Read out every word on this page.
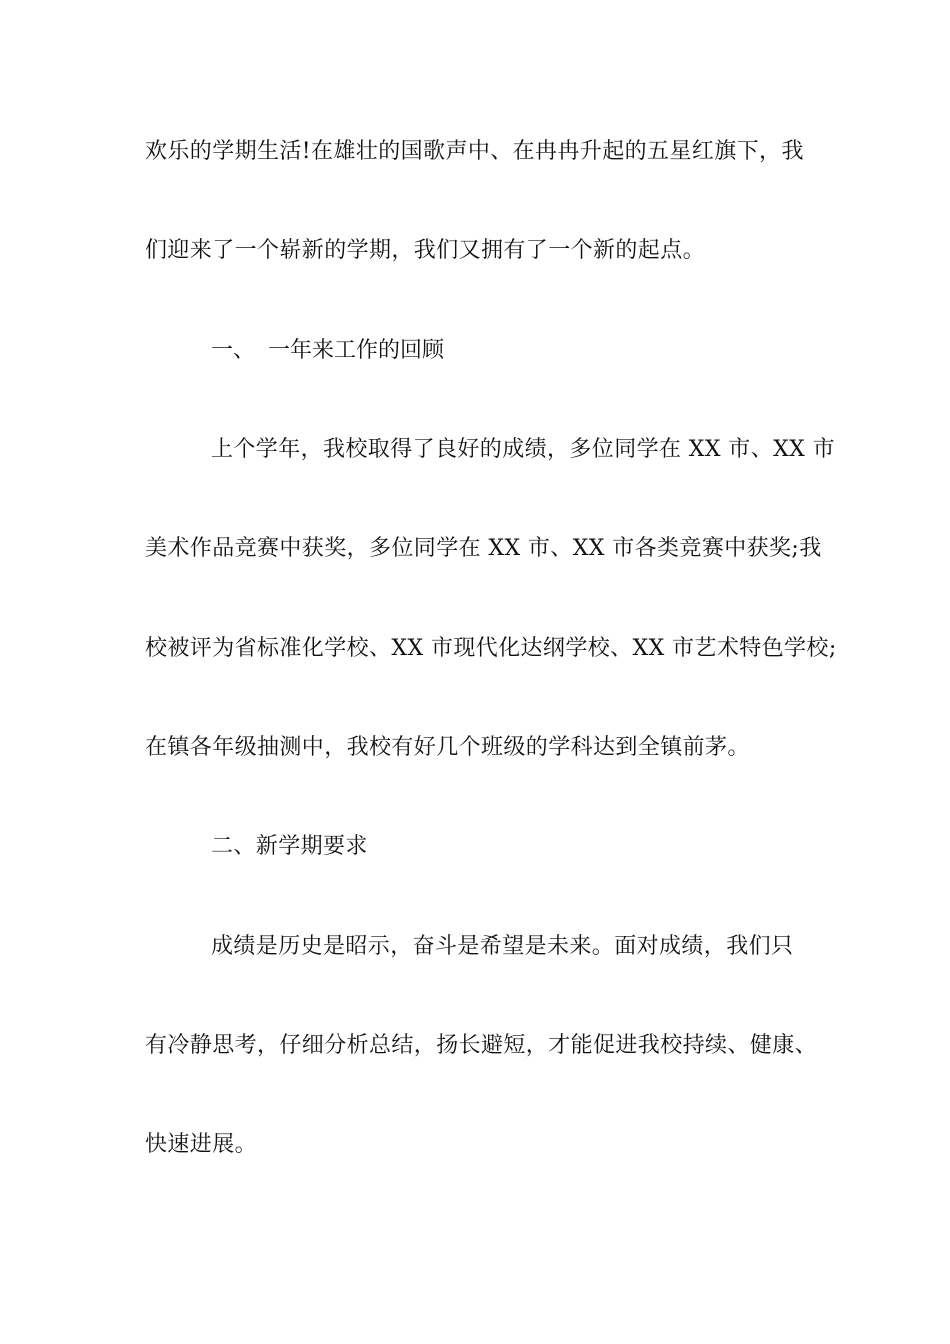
欢乐的学期生活!在雄壮的国歌声中、在冉冉升起的五星红旗下，我
们迎来了一个崭新的学期，我们又拥有了一个新的起点。
一、 一年来工作的回顾
上个学年，我校取得了良好的成绩，多位同学在 XX 市、XX 市
美术作品竞赛中获奖，多位同学在 XX 市、XX 市各类竞赛中获奖;我
校被评为省标准化学校、XX 市现代化达纲学校、XX 市艺术特色学校;
在镇各年级抽测中，我校有好几个班级的学科达到全镇前茅。
二、新学期要求
成绩是历史是昭示，奋斗是希望是未来。面对成绩，我们只
有冷静思考，仔细分析总结，扬长避短，才能促进我校持续、健康、
快速进展。
